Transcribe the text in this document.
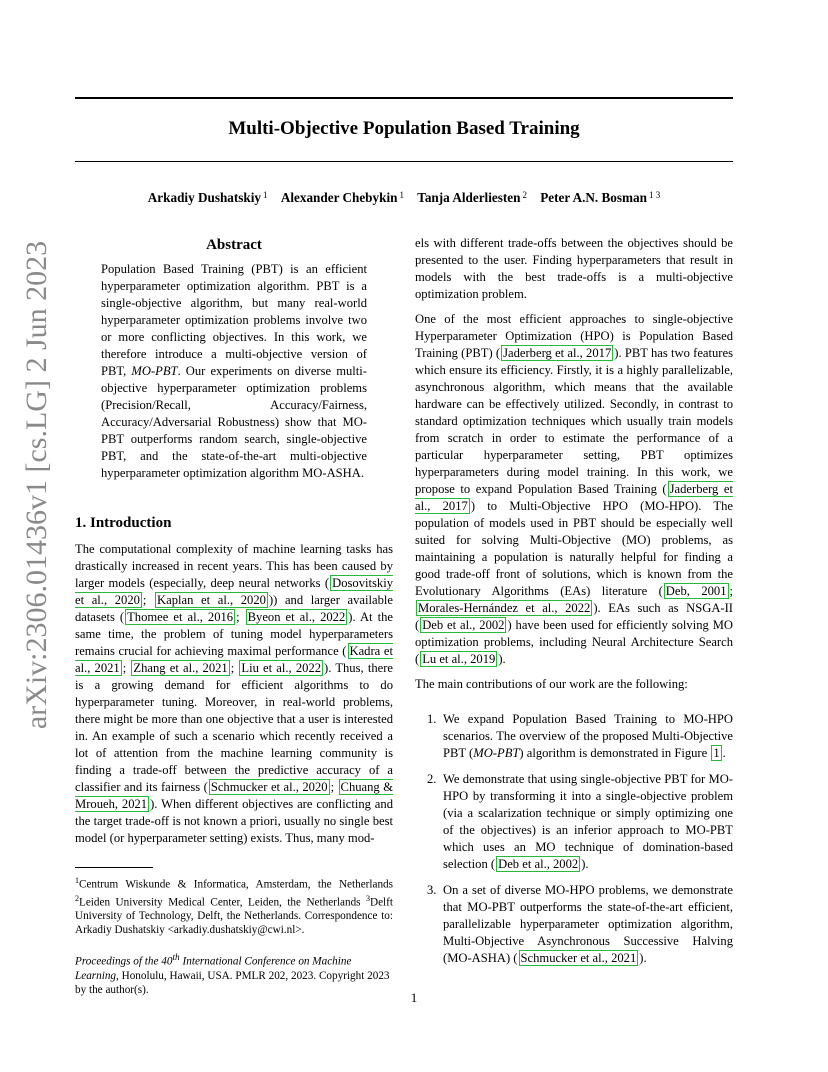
Multi-Objective Population Based Training
Arkadiy Dushatskiy $^1$ Alexander Chebykin $^1$ Tanja Alderliesten $^2$ Peter A.N. Bosman $^{1 3}$
arXiv:2306.01436v1 [cs.LG] 2 Jun 2023	Abstract
Population Based Training (PBT) is an efficient hyperparameter optimization algorithm. PBT is a single-objective algorithm, but many real-world hyperparameter optimization problems involve two or more conflicting objectives. In this work, we therefore introduce a multi-objective version of PBT, MO-PBT. Our experiments on diverse multi-objective hyperparameter optimization problems (Precision/Recall, Accuracy/Fairness, Accuracy/Adversarial Robustness) show that MO-PBT outperforms random search, single-objective PBT, and the state-of-the-art multi-objective hyperparameter optimization algorithm MO-ASHA.
1. Introduction

The computational complexity of machine learning tasks has drastically increased in recent years. This has been caused by larger models (especially, deep neural networks ( Dosovitskiy et al., 2020 ; Kaplan et al., 2020 )) and larger available datasets ( Thomee et al., 2016 ; Byeon et al., 2022 ). At the same time, the problem of tuning model hyperparameters remains crucial for achieving maximal performance ( Kadra et al., 2021 ; Zhang et al., 2021 ; Liu et al., 2022 ). Thus, there is a growing demand for efficient algorithms to do hyperparameter tuning. Moreover, in real-world problems, there might be more than one objective that a user is interested in. An example of such a scenario which recently received a lot of attention from the machine learning community is finding a trade-off between the predictive accuracy of a classifier and its fairness ( Schmucker et al., 2020 ; Chuang & Mroueh, 2021 ). When different objectives are conflicting and the target trade-off is not known a priori, usually no single best model (or hyperparameter setting) exists. Thus, many mod-

$^1$Centrum Wiskunde & Informatica, Amsterdam, the Netherlands $^2$Leiden University Medical Center, Leiden, the Netherlands $^3$Delft University of Technology, Delft, the Netherlands. Correspondence to: Arkadiy Dushatskiy <arkadiy.dushatskiy@cwi.nl>.
Proceedings of the 40th International Conference on Machine Learning, Honolulu, Hawaii, USA. PMLR 202, 2023. Copyright 2023 by the author(s).

els with different trade-offs between the objectives should be presented to the user. Finding hyperparameters that result in models with the best trade-offs is a multi-objective optimization problem.

One of the most efficient approaches to single-objective Hyperparameter Optimization (HPO) is Population Based Training (PBT) ( Jaderberg et al., 2017 ). PBT has two features which ensure its efficiency. Firstly, it is a highly parallelizable, asynchronous algorithm, which means that the available hardware can be effectively utilized. Secondly, in contrast to standard optimization techniques which usually train models from scratch in order to estimate the performance of a particular hyperparameter setting, PBT optimizes hyperparameters during model training. In this work, we propose to expand Population Based Training ( Jaderberg et al., 2017 ) to Multi-Objective HPO (MO-HPO). The population of models used in PBT should be especially well suited for solving Multi-Objective (MO) problems, as maintaining a population is naturally helpful for finding a good trade-off front of solutions, which is known from the Evolutionary Algorithms (EAs) literature ( Deb, 2001 ; Morales-Hernández et al., 2022 ). EAs such as NSGA-II ( Deb et al., 2002 ) have been used for efficiently solving MO optimization problems, including Neural Architecture Search ( Lu et al., 2019 ).

The main contributions of our work are the following:

1. We expand Population Based Training to MO-HPO scenarios. The overview of the proposed Multi-Objective PBT (MO-PBT) algorithm is demonstrated in Figure 1 .
2. We demonstrate that using single-objective PBT for MO-HPO by transforming it into a single-objective problem (via a scalarization technique or simply optimizing one of the objectives) is an inferior approach to MO-PBT which uses an MO technique of domination-based selection ( Deb et al., 2002 ).
3. On a set of diverse MO-HPO problems, we demonstrate that MO-PBT outperforms the state-of-the-art efficient, parallelizable hyperparameter optimization algorithm, Multi-Objective Asynchronous Successive Halving (MO-ASHA) ( Schmucker et al., 2021 ).
1
